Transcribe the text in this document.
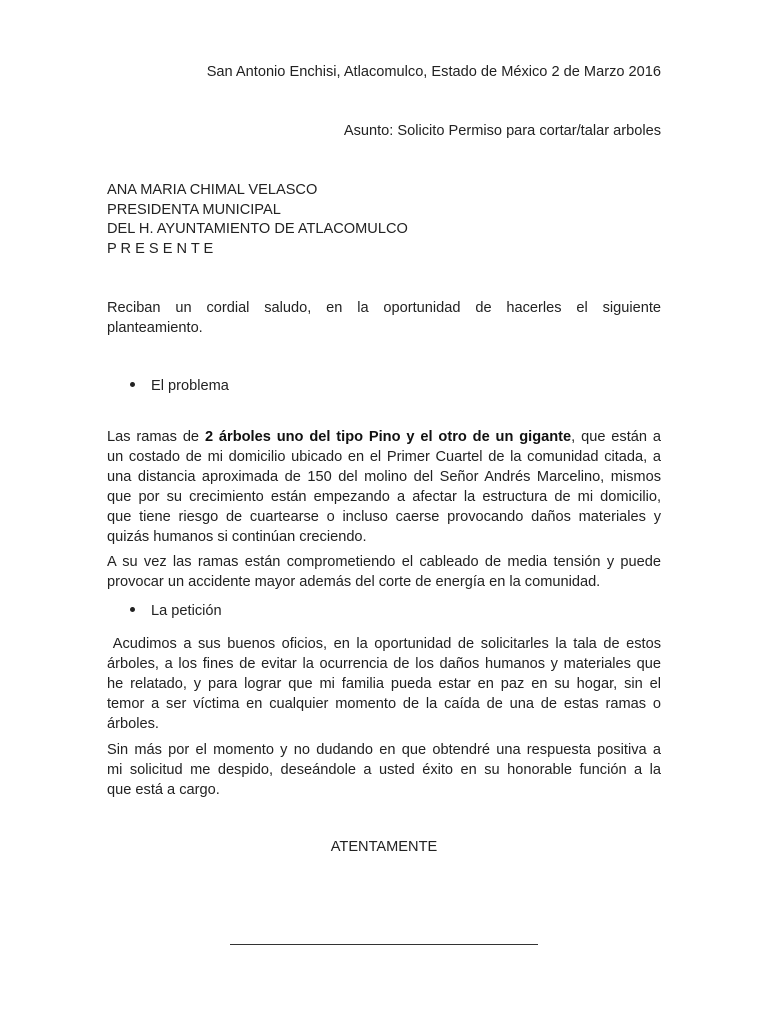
San Antonio Enchisi, Atlacomulco, Estado de México 2 de Marzo 2016
Asunto: Solicito Permiso para cortar/talar arboles
ANA MARIA CHIMAL VELASCO
PRESIDENTA MUNICIPAL
DEL H. AYUNTAMIENTO DE ATLACOMULCO
P R E S E N T E
Reciban un cordial saludo, en la oportunidad de hacerles el siguiente
planteamiento.
El problema
Las ramas de 2 árboles uno del tipo Pino y el otro de un gigante, que están a
un costado de mi domicilio ubicado en el Primer Cuartel de la comunidad citada, a
una distancia aproximada de 150 del molino del Señor Andrés Marcelino, mismos
que por su crecimiento están empezando a afectar la estructura de mi domicilio,
que tiene riesgo de cuartearse o incluso caerse provocando daños materiales y
quizás humanos si continúan creciendo.
A su vez las ramas están comprometiendo el cableado de media tensión y puede
provocar un accidente mayor además del corte de energía en la comunidad.
La petición
Acudimos a sus buenos oficios, en la oportunidad de solicitarles la tala de estos
árboles, a los fines de evitar la ocurrencia de los daños humanos y materiales que
he relatado, y para lograr que mi familia pueda estar en paz en su hogar, sin el
temor a ser víctima en cualquier momento de la caída de una de estas ramas o
árboles.
Sin más por el momento y no dudando en que obtendré una respuesta positiva a
mi solicitud me despido, deseándole a usted éxito en su honorable función a la
que está a cargo.
ATENTAMENTE
